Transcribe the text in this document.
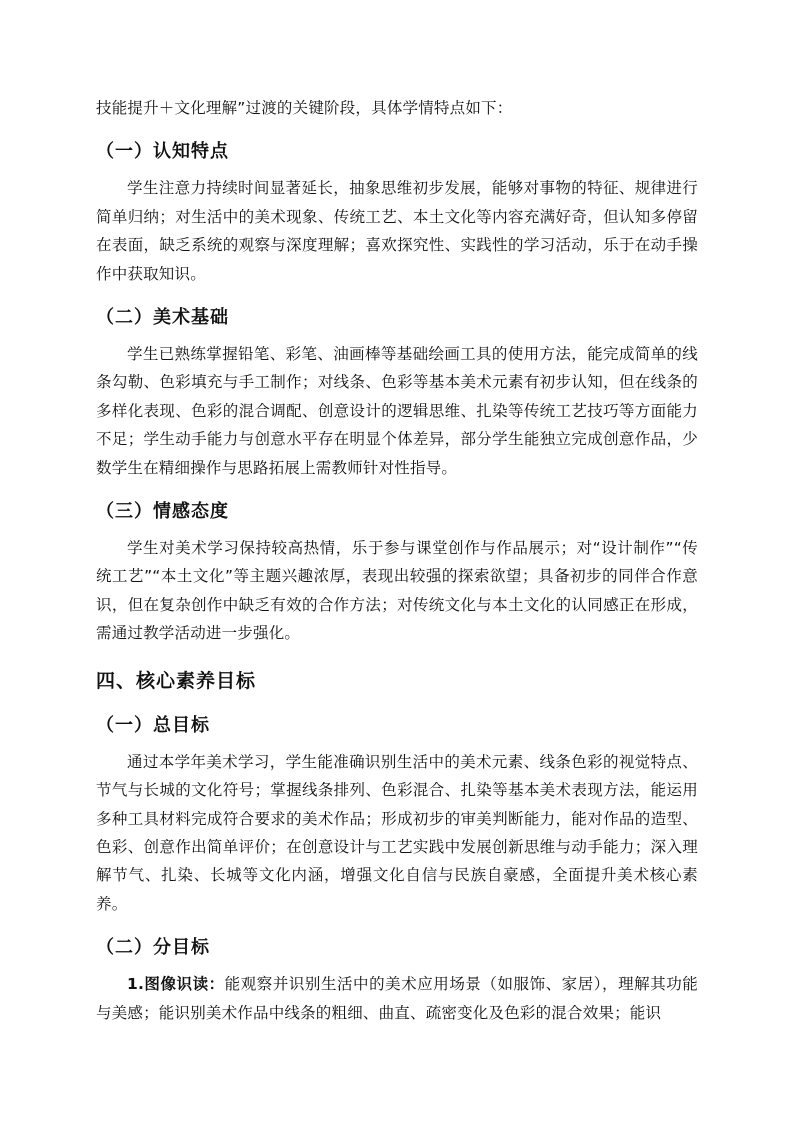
技能提升＋文化理解”过渡的关键阶段，具体学情特点如下：

（一）认知特点

学生注意力持续时间显著延长，抽象思维初步发展，能够对事物的特征、规律进行简单归纳；对生活中的美术现象、传统工艺、本土文化等内容充满好奇，但认知多停留在表面，缺乏系统的观察与深度理解；喜欢探究性、实践性的学习活动，乐于在动手操作中获取知识。

（二）美术基础

学生已熟练掌握铅笔、彩笔、油画棒等基础绘画工具的使用方法，能完成简单的线条勾勒、色彩填充与手工制作；对线条、色彩等基本美术元素有初步认知，但在线条的多样化表现、色彩的混合调配、创意设计的逻辑思维、扎染等传统工艺技巧等方面能力不足；学生动手能力与创意水平存在明显个体差异，部分学生能独立完成创意作品，少数学生在精细操作与思路拓展上需教师针对性指导。

（三）情感态度

学生对美术学习保持较高热情，乐于参与课堂创作与作品展示；对“设计制作”“传统工艺”“本土文化”等主题兴趣浓厚，表现出较强的探索欲望；具备初步的同伴合作意识，但在复杂创作中缺乏有效的合作方法；对传统文化与本土文化的认同感正在形成，需通过教学活动进一步强化。

四、核心素养目标
（一）总目标

通过本学年美术学习，学生能准确识别生活中的美术元素、线条色彩的视觉特点、节气与长城的文化符号；掌握线条排列、色彩混合、扎染等基本美术表现方法，能运用多种工具材料完成符合要求的美术作品；形成初步的审美判断能力，能对作品的造型、色彩、创意作出简单评价；在创意设计与工艺实践中发展创新思维与动手能力；深入理解节气、扎染、长城等文化内涵，增强文化自信与民族自豪感，全面提升美术核心素养。

（二）分目标

1.图像识读：能观察并识别生活中的美术应用场景（如服饰、家居），理解其功能与美感；能识别美术作品中线条的粗细、曲直、疏密变化及色彩的混合效果；能识
